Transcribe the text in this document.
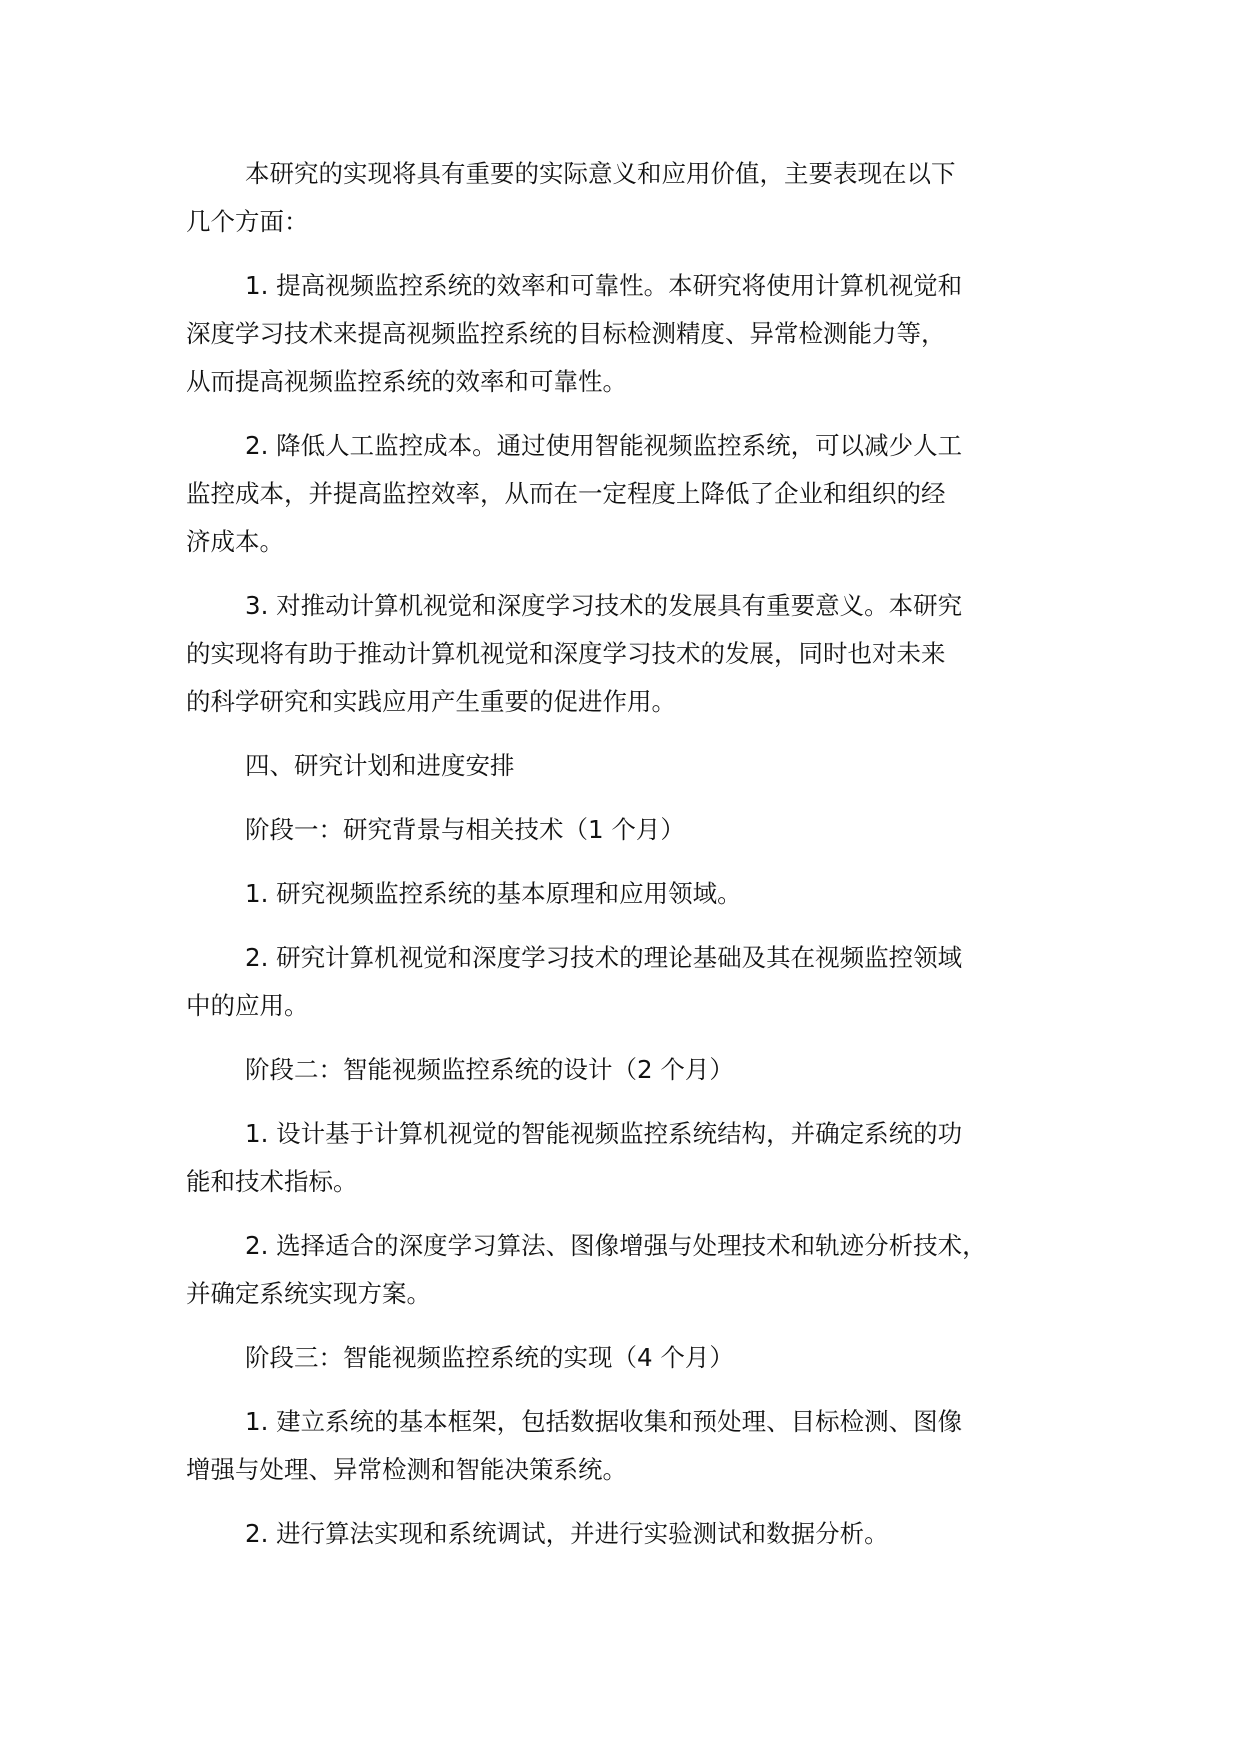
本研究的实现将具有重要的实际意义和应用价值，主要表现在以下
几个方面：

1. 提高视频监控系统的效率和可靠性。本研究将使用计算机视觉和
深度学习技术来提高视频监控系统的目标检测精度、异常检测能力等，
从而提高视频监控系统的效率和可靠性。

2. 降低人工监控成本。通过使用智能视频监控系统，可以减少人工
监控成本，并提高监控效率，从而在一定程度上降低了企业和组织的经
济成本。

3. 对推动计算机视觉和深度学习技术的发展具有重要意义。本研究
的实现将有助于推动计算机视觉和深度学习技术的发展，同时也对未来
的科学研究和实践应用产生重要的促进作用。

四、研究计划和进度安排

阶段一：研究背景与相关技术（1 个月）

1. 研究视频监控系统的基本原理和应用领域。

2. 研究计算机视觉和深度学习技术的理论基础及其在视频监控领域
中的应用。

阶段二：智能视频监控系统的设计（2 个月）

1. 设计基于计算机视觉的智能视频监控系统结构，并确定系统的功
能和技术指标。

2. 选择适合的深度学习算法、图像增强与处理技术和轨迹分析技术，
并确定系统实现方案。

阶段三：智能视频监控系统的实现（4 个月）

1. 建立系统的基本框架，包括数据收集和预处理、目标检测、图像
增强与处理、异常检测和智能决策系统。

2. 进行算法实现和系统调试，并进行实验测试和数据分析。
